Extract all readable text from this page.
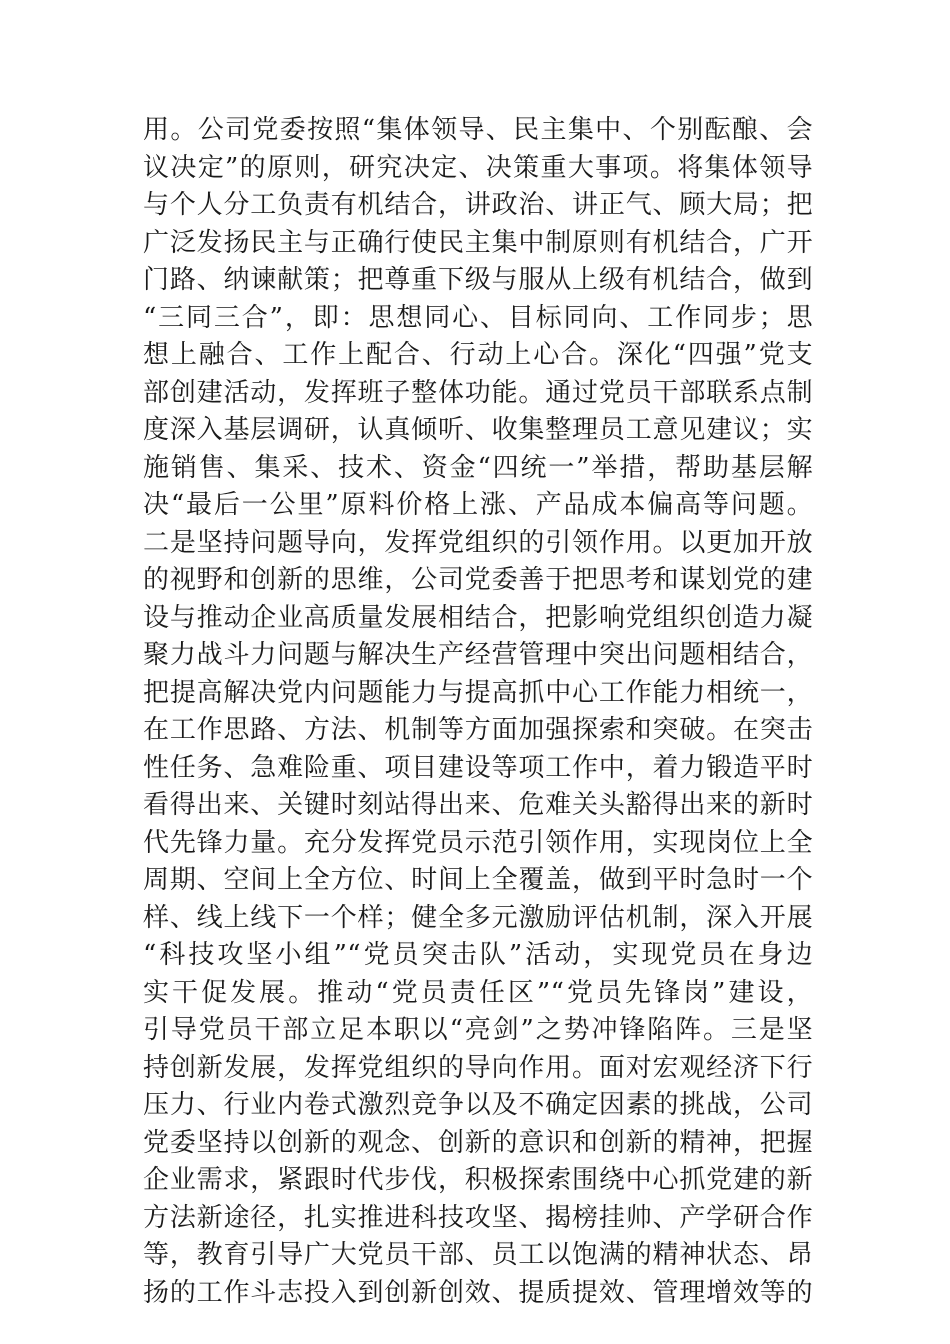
用。公司党委按照“集体领导、民主集中、个别酝酿、会
议决定”的原则，研究决定、决策重大事项。将集体领导
与个人分工负责有机结合，讲政治、讲正气、顾大局；把
广泛发扬民主与正确行使民主集中制原则有机结合，广开
门路、纳谏献策；把尊重下级与服从上级有机结合，做到
“三同三合”，即：思想同心、目标同向、工作同步；思
想上融合、工作上配合、行动上心合。深化“四强”党支
部创建活动，发挥班子整体功能。通过党员干部联系点制
度深入基层调研，认真倾听、收集整理员工意见建议；实
施销售、集采、技术、资金“四统一”举措，帮助基层解
决“最后一公里”原料价格上涨、产品成本偏高等问题。
二是坚持问题导向，发挥党组织的引领作用。以更加开放
的视野和创新的思维，公司党委善于把思考和谋划党的建
设与推动企业高质量发展相结合，把影响党组织创造力凝
聚力战斗力问题与解决生产经营管理中突出问题相结合，
把提高解决党内问题能力与提高抓中心工作能力相统一，
在工作思路、方法、机制等方面加强探索和突破。在突击
性任务、急难险重、项目建设等项工作中，着力锻造平时
看得出来、关键时刻站得出来、危难关头豁得出来的新时
代先锋力量。充分发挥党员示范引领作用，实现岗位上全
周期、空间上全方位、时间上全覆盖，做到平时急时一个
样、线上线下一个样；健全多元激励评估机制，深入开展
“科技攻坚小组”“党员突击队”活动，实现党员在身边
实干促发展。推动“党员责任区”“党员先锋岗”建设，
引导党员干部立足本职以“亮剑”之势冲锋陷阵。三是坚
持创新发展，发挥党组织的导向作用。面对宏观经济下行
压力、行业内卷式激烈竞争以及不确定因素的挑战，公司
党委坚持以创新的观念、创新的意识和创新的精神，把握
企业需求，紧跟时代步伐，积极探索围绕中心抓党建的新
方法新途径，扎实推进科技攻坚、揭榜挂帅、产学研合作
等，教育引导广大党员干部、员工以饱满的精神状态、昂
扬的工作斗志投入到创新创效、提质提效、管理增效等的
